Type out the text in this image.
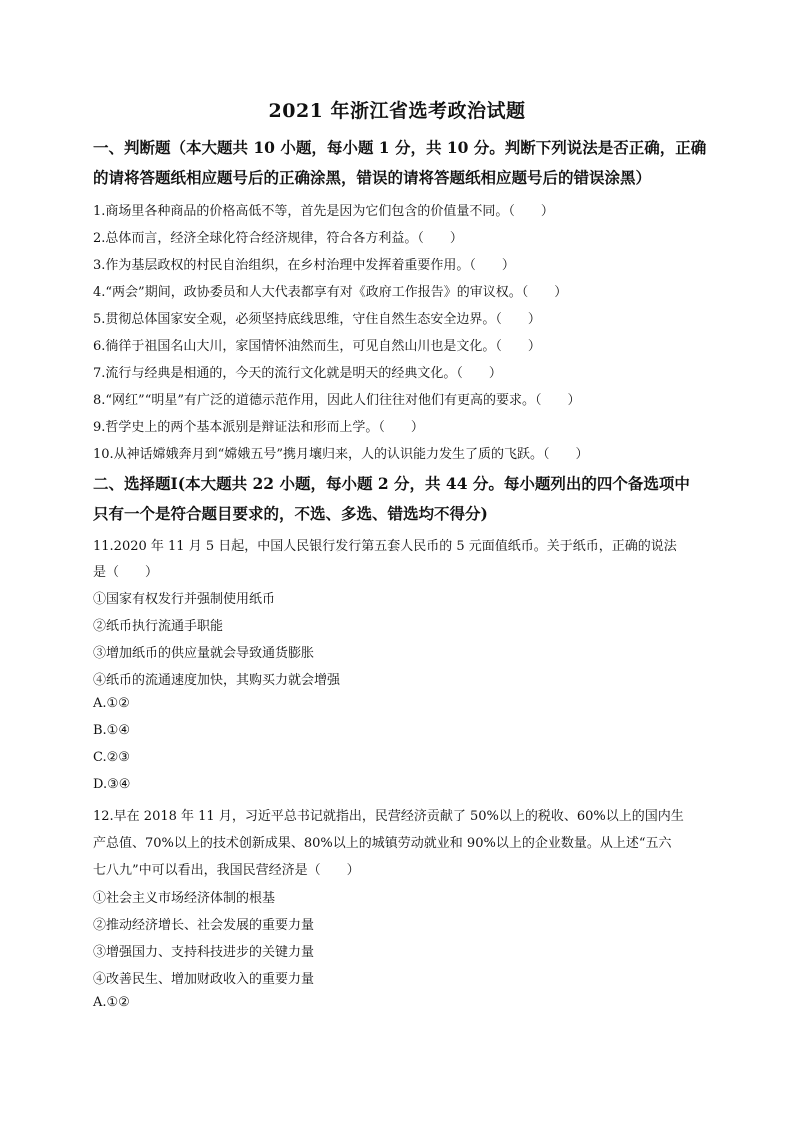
2021 年浙江省选考政治试题
一、判断题（本大题共 10 小题，每小题 1 分，共 10 分。判断下列说法是否正确，正确
的请将答题纸相应题号后的正确涂黑，错误的请将答题纸相应题号后的错误涂黑）
1.商场里各种商品的价格高低不等，首先是因为它们包含的价值量不同。（　　）
2.总体而言，经济全球化符合经济规律，符合各方利益。（　　）
3.作为基层政权的村民自治组织，在乡村治理中发挥着重要作用。（　　）
4.“两会”期间，政协委员和人大代表都享有对《政府工作报告》的审议权。（　　）
5.贯彻总体国家安全观，必须坚持底线思维，守住自然生态安全边界。（　　）
6.徜徉于祖国名山大川，家国情怀油然而生，可见自然山川也是文化。（　　）
7.流行与经典是相通的，今天的流行文化就是明天的经典文化。（　　）
8.“网红”“明星”有广泛的道德示范作用，因此人们往往对他们有更高的要求。（　　）
9.哲学史上的两个基本派别是辩证法和形而上学。（　　）
10.从神话嫦娥奔月到“嫦娥五号”携月壤归来，人的认识能力发生了质的飞跃。（　　）
二、选择题Ⅰ(本大题共 22 小题，每小题 2 分，共 44 分。每小题列出的四个备选项中
只有一个是符合题目要求的，不选、多选、错选均不得分)
11.2020 年 11 月 5 日起，中国人民银行发行第五套人民币的 5 元面值纸币。关于纸币，正确的说法
是（　　）
①国家有权发行并强制使用纸币
②纸币执行流通手职能
③增加纸币的供应量就会导致通货膨胀
④纸币的流通速度加快，其购买力就会增强
A.①②
B.①④
C.②③
D.③④
12.早在 2018 年 11 月，习近平总书记就指出，民营经济贡献了 50%以上的税收、60%以上的国内生
产总值、70%以上的技术创新成果、80%以上的城镇劳动就业和 90%以上的企业数量。从上述“五六
七八九”中可以看出，我国民营经济是（　　）
①社会主义市场经济体制的根基
②推动经济增长、社会发展的重要力量
③增强国力、支持科技进步的关键力量
④改善民生、增加财政收入的重要力量
A.①②
